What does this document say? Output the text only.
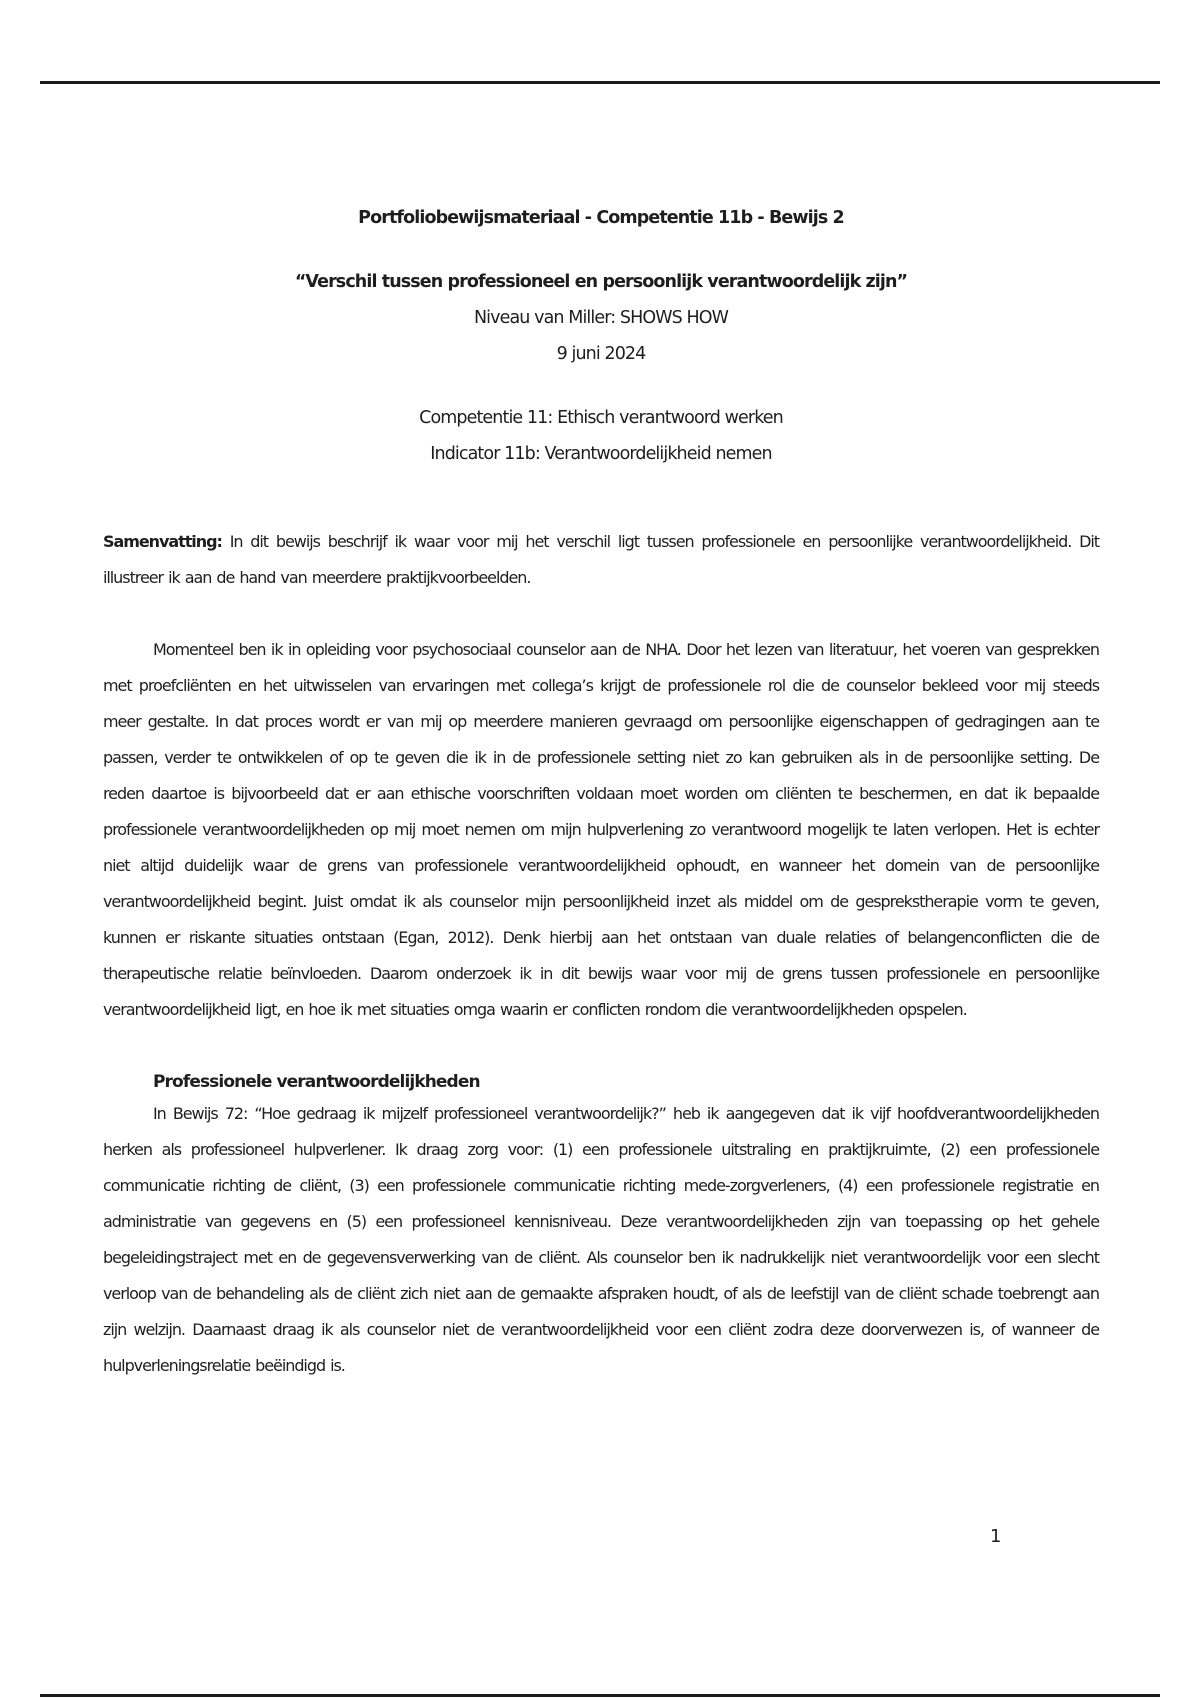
Portfoliobewijsmateriaal - Competentie 11b - Bewijs 2
“Verschil tussen professioneel en persoonlijk verantwoordelijk zijn”
Niveau van Miller: SHOWS HOW
9 juni 2024
Competentie 11: Ethisch verantwoord werken
Indicator 11b: Verantwoordelijkheid nemen
Samenvatting: In dit bewijs beschrijf ik waar voor mij het verschil ligt tussen professionele en persoonlijke verantwoordelijkheid. Dit illustreer ik aan de hand van meerdere praktijkvoorbeelden.
Momenteel ben ik in opleiding voor psychosociaal counselor aan de NHA. Door het lezen van literatuur, het voeren van gesprekken met proefcliënten en het uitwisselen van ervaringen met collega’s krijgt de professionele rol die de counselor bekleed voor mij steeds meer gestalte. In dat proces wordt er van mij op meerdere manieren gevraagd om persoonlijke eigenschappen of gedragingen aan te passen, verder te ontwikkelen of op te geven die ik in de professionele setting niet zo kan gebruiken als in de persoonlijke setting. De reden daartoe is bijvoorbeeld dat er aan ethische voorschriften voldaan moet worden om cliënten te beschermen, en dat ik bepaalde professionele verantwoordelijkheden op mij moet nemen om mijn hulpverlening zo verantwoord mogelijk te laten verlopen. Het is echter niet altijd duidelijk waar de grens van professionele verantwoordelijkheid ophoudt, en wanneer het domein van de persoonlijke verantwoordelijkheid begint. Juist omdat ik als counselor mijn persoonlijkheid inzet als middel om de gesprekstherapie vorm te geven, kunnen er riskante situaties ontstaan (Egan, 2012). Denk hierbij aan het ontstaan van duale relaties of belangenconflicten die de therapeutische relatie beïnvloeden. Daarom onderzoek ik in dit bewijs waar voor mij de grens tussen professionele en persoonlijke verantwoordelijkheid ligt, en hoe ik met situaties omga waarin er conflicten rondom die verantwoordelijkheden opspelen.
Professionele verantwoordelijkheden
In Bewijs 72: “Hoe gedraag ik mijzelf professioneel verantwoordelijk?” heb ik aangegeven dat ik vijf hoofdverantwoordelijkheden herken als professioneel hulpverlener. Ik draag zorg voor: (1) een professionele uitstraling en praktijkruimte, (2) een professionele communicatie richting de cliënt, (3) een professionele communicatie richting mede-zorgverleners, (4) een professionele registratie en administratie van gegevens en (5) een professioneel kennisniveau. Deze verantwoordelijkheden zijn van toepassing op het gehele begeleidingstraject met en de gegevensverwerking van de cliënt. Als counselor ben ik nadrukkelijk niet verantwoordelijk voor een slecht verloop van de behandeling als de cliënt zich niet aan de gemaakte afspraken houdt, of als de leefstijl van de cliënt schade toebrengt aan zijn welzijn. Daarnaast draag ik als counselor niet de verantwoordelijkheid voor een cliënt zodra deze doorverwezen is, of wanneer de hulpverleningsrelatie beëindigd is.
1
